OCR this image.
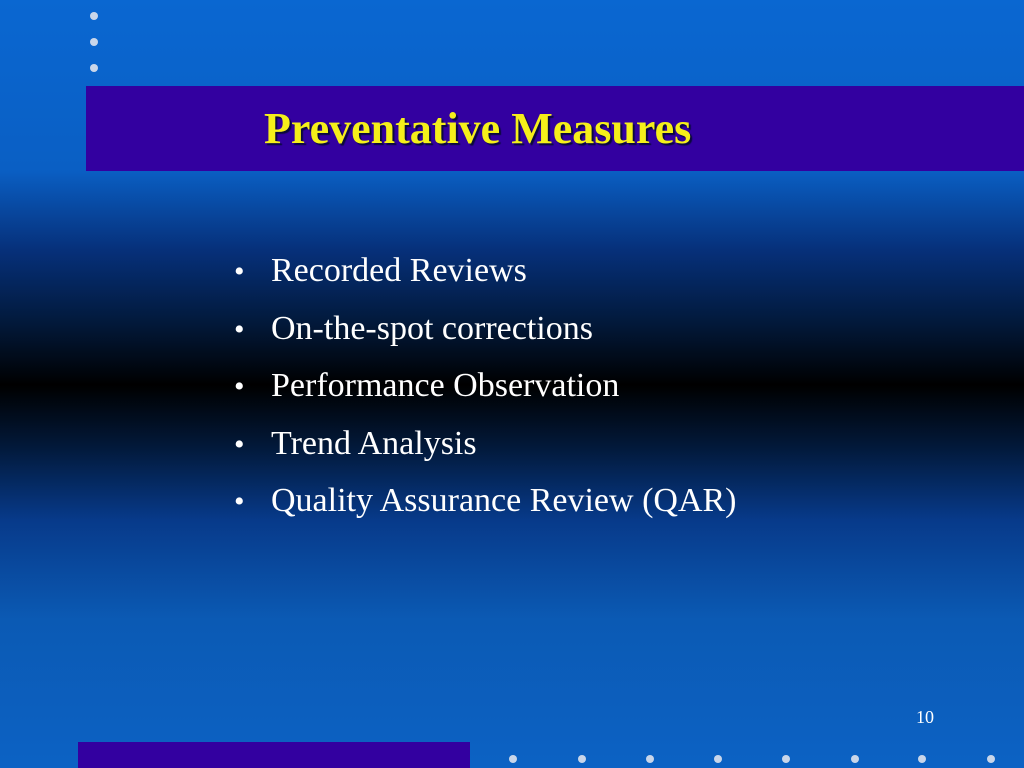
Preventative Measures
• Recorded Reviews
• On-the-spot corrections
• Performance Observation
• Trend Analysis
• Quality Assurance Review (QAR)
10
